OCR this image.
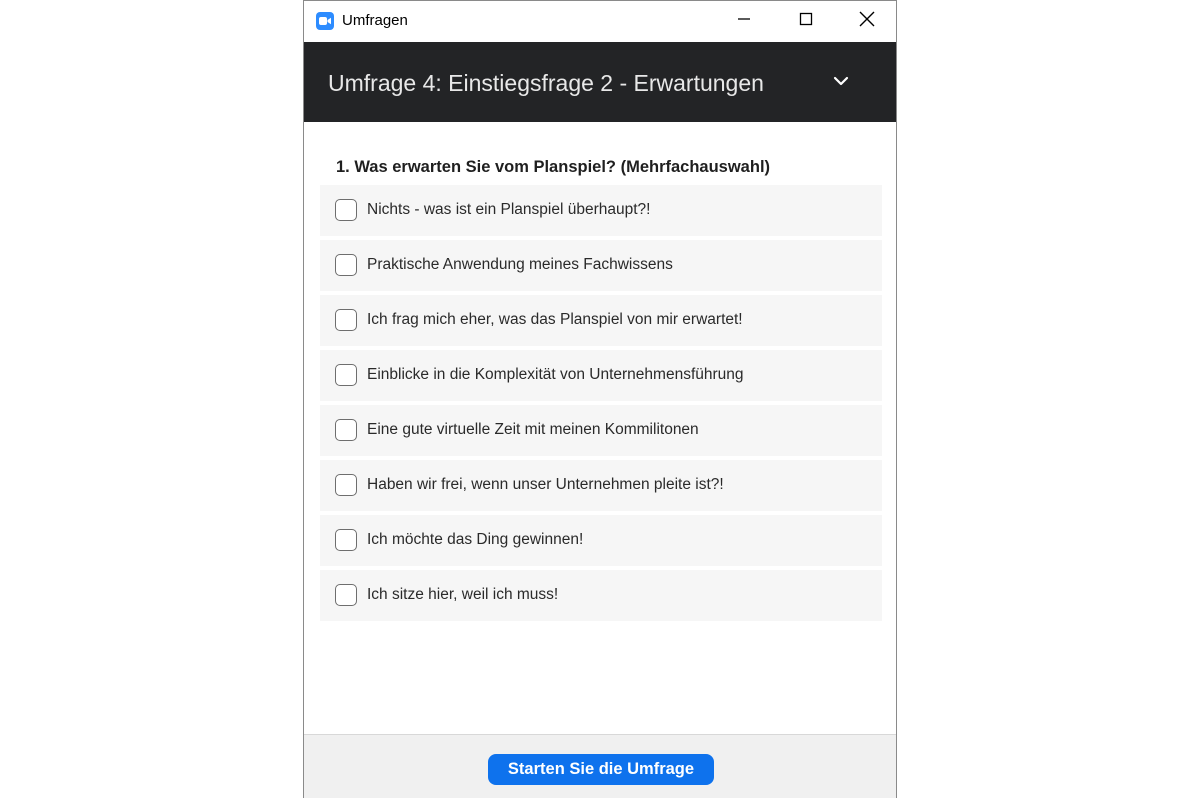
Umfragen
Umfrage 4: Einstiegsfrage 2 - Erwartungen
1. Was erwarten Sie vom Planspiel? (Mehrfachauswahl)
Nichts - was ist ein Planspiel überhaupt?!
Praktische Anwendung meines Fachwissens
Ich frag mich eher, was das Planspiel von mir erwartet!
Einblicke in die Komplexität von Unternehmensführung
Eine gute virtuelle Zeit mit meinen Kommilitonen
Haben wir frei, wenn unser Unternehmen pleite ist?!
Ich möchte das Ding gewinnen!
Ich sitze hier, weil ich muss!
Starten Sie die Umfrage
